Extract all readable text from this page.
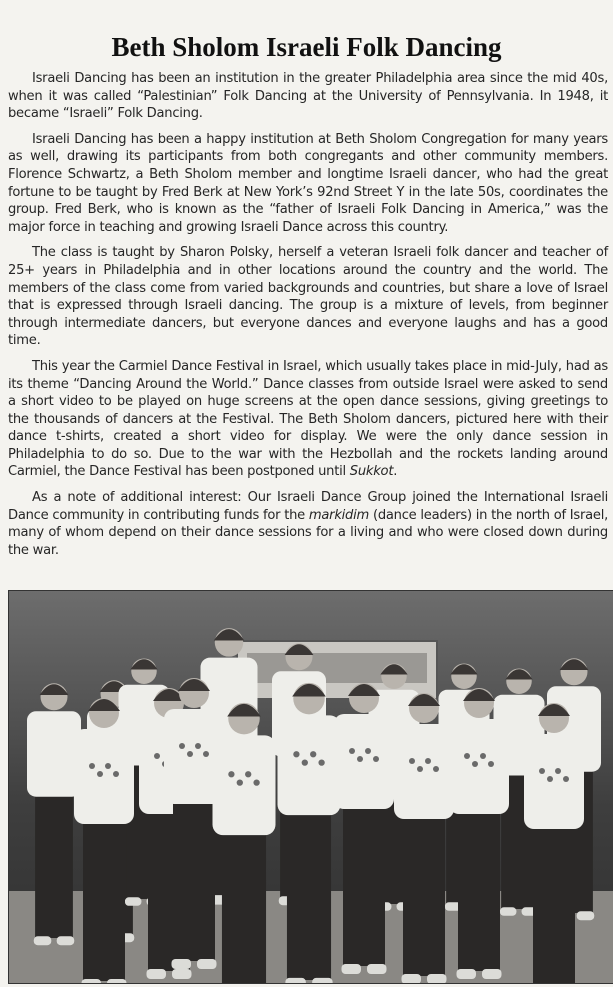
Beth Sholom Israeli Folk Dancing

Israeli Dancing has been an institution in the greater Philadelphia area since the mid 40s, when it was called “Palestinian” Folk Dancing at the University of Pennsylvania. In 1948, it became “Israeli” Folk Dancing.

Israeli Dancing has been a happy institution at Beth Sholom Congregation for many years as well, drawing its participants from both congregants and other community members. Florence Schwartz, a Beth Sholom member and longtime Israeli dancer, who had the great fortune to be taught by Fred Berk at New York’s 92nd Street Y in the late 50s, coordinates the group. Fred Berk, who is known as the “father of Israeli Folk Dancing in America,” was the major force in teaching and growing Israeli Dance across this country.

The class is taught by Sharon Polsky, herself a veteran Israeli folk dancer and teacher of 25+ years in Philadelphia and in other locations around the country and the world. The members of the class come from varied backgrounds and countries, but share a love of Israel that is expressed through Israeli dancing. The group is a mixture of levels, from beginner through intermediate dancers, but everyone dances and everyone laughs and has a good time.

This year the Carmiel Dance Festival in Israel, which usually takes place in mid-July, had as its theme “Dancing Around the World.” Dance classes from outside Israel were asked to send a short video to be played on huge screens at the open dance sessions, giving greetings to the thousands of dancers at the Festival. The Beth Sholom dancers, pictured here with their dance t-shirts, created a short video for display. We were the only dance session in Philadelphia to do so. Due to the war with the Hezbollah and the rockets landing around Carmiel, the Dance Festival has been postponed until Sukkot.

As a note of additional interest: Our Israeli Dance Group joined the International Israeli Dance community in contributing funds for the markidim (dance leaders) in the north of Israel, many of whom depend on their dance sessions for a living and who were closed down during the war.
